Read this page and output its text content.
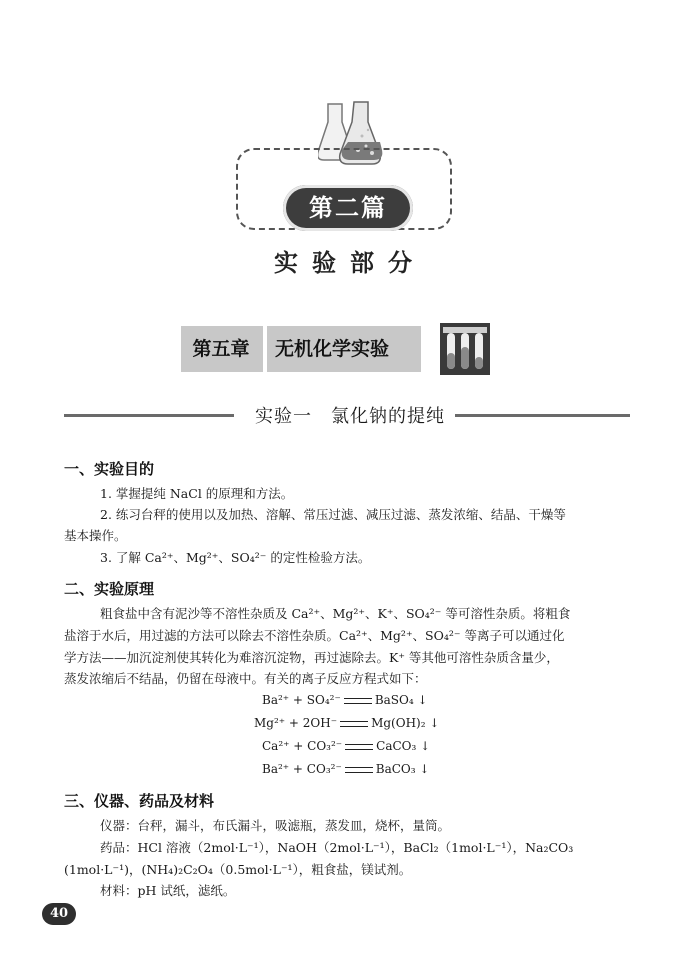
第二篇
实验部分
第五章	无机化学实验
实验一　氯化钠的提纯
一、实验目的
1. 掌握提纯 NaCl 的原理和方法。
2. 练习台秤的使用以及加热、溶解、常压过滤、减压过滤、蒸发浓缩、结晶、干燥等
基本操作。
3. 了解 Ca²⁺、Mg²⁺、SO₄²⁻ 的定性检验方法。
二、实验原理
粗食盐中含有泥沙等不溶性杂质及 Ca²⁺、Mg²⁺、K⁺、SO₄²⁻ 等可溶性杂质。将粗食
盐溶于水后，用过滤的方法可以除去不溶性杂质。Ca²⁺、Mg²⁺、SO₄²⁻ 等离子可以通过化
学方法——加沉淀剂使其转化为难溶沉淀物，再过滤除去。K⁺ 等其他可溶性杂质含量少，
蒸发浓缩后不结晶，仍留在母液中。有关的离子反应方程式如下：
Ba²⁺ + SO₄²⁻	BaSO₄ ↓
Mg²⁺ + 2OH⁻	Mg(OH)₂ ↓
Ca²⁺ + CO₃²⁻	CaCO₃ ↓
Ba²⁺ + CO₃²⁻	BaCO₃ ↓
三、仪器、药品及材料
仪器：台秤，漏斗，布氏漏斗，吸滤瓶，蒸发皿，烧杯，量筒。
药品：HCl 溶液（2mol·L⁻¹），NaOH（2mol·L⁻¹），BaCl₂（1mol·L⁻¹），Na₂CO₃
(1mol·L⁻¹)，(NH₄)₂C₂O₄（0.5mol·L⁻¹），粗食盐，镁试剂。
材料：pH 试纸，滤纸。
40
